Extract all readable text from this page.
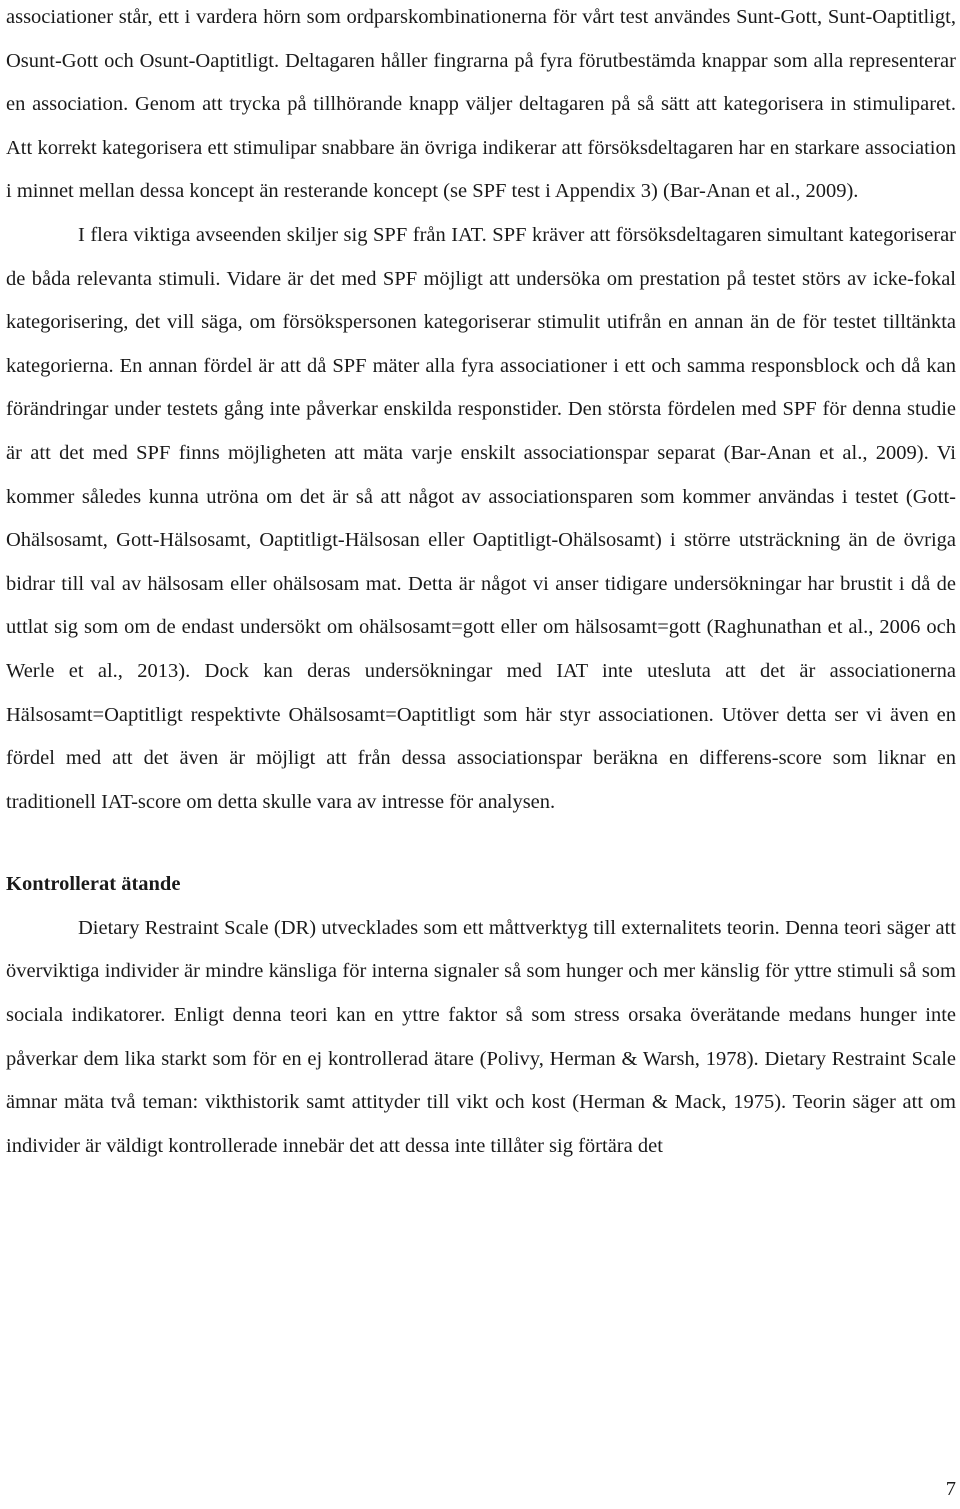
associationer står, ett i vardera hörn som ordparskombinationerna för vårt test användes Sunt-Gott, Sunt-Oaptitligt, Osunt-Gott och Osunt-Oaptitligt. Deltagaren håller fingrarna på fyra förutbestämda knappar som alla representerar en association. Genom att trycka på tillhörande knapp väljer deltagaren på så sätt att kategorisera in stimuliparet. Att korrekt kategorisera ett stimulipar snabbare än övriga indikerar att försöksdeltagaren har en starkare association i minnet mellan dessa koncept än resterande koncept (se SPF test i Appendix 3) (Bar-Anan et al., 2009).

I flera viktiga avseenden skiljer sig SPF från IAT. SPF kräver att försöksdeltagaren simultant kategoriserar de båda relevanta stimuli. Vidare är det med SPF möjligt att undersöka om prestation på testet störs av icke-fokal kategorisering, det vill säga, om försökspersonen kategoriserar stimulit utifrån en annan än de för testet tilltänkta kategorierna. En annan fördel är att då SPF mäter alla fyra associationer i ett och samma responsblock och då kan förändringar under testets gång inte påverkar enskilda responstider. Den största fördelen med SPF för denna studie är att det med SPF finns möjligheten att mäta varje enskilt associationspar separat (Bar-Anan et al., 2009). Vi kommer således kunna utröna om det är så att något av associationsparen som kommer användas i testet (Gott-Ohälsosamt, Gott-Hälsosamt, Oaptitligt-Hälsosan eller Oaptitligt-Ohälsosamt) i större utsträckning än de övriga bidrar till val av hälsosam eller ohälsosam mat. Detta är något vi anser tidigare undersökningar har brustit i då de uttlat sig som om de endast undersökt om ohälsosamt=gott eller om hälsosamt=gott (Raghunathan et al., 2006 och Werle et al., 2013). Dock kan deras undersökningar med IAT inte utesluta att det är associationerna Hälsosamt=Oaptitligt respektivte Ohälsosamt=Oaptitligt som här styr associationen. Utöver detta ser vi även en fördel med att det även är möjligt att från dessa associationspar beräkna en differens-score som liknar en traditionell IAT-score om detta skulle vara av intresse för analysen.

Kontrollerat ätande

Dietary Restraint Scale (DR) utvecklades som ett måttverktyg till externalitets teorin. Denna teori säger att överviktiga individer är mindre känsliga för interna signaler så som hunger och mer känslig för yttre stimuli så som sociala indikatorer. Enligt denna teori kan en yttre faktor så som stress orsaka överätande medans hunger inte påverkar dem lika starkt som för en ej kontrollerad ätare (Polivy, Herman & Warsh, 1978). Dietary Restraint Scale ämnar mäta två teman: vikthistorik samt attityder till vikt och kost (Herman & Mack, 1975). Teorin säger att om individer är väldigt kontrollerade innebär det att dessa inte tillåter sig förtära det

7
